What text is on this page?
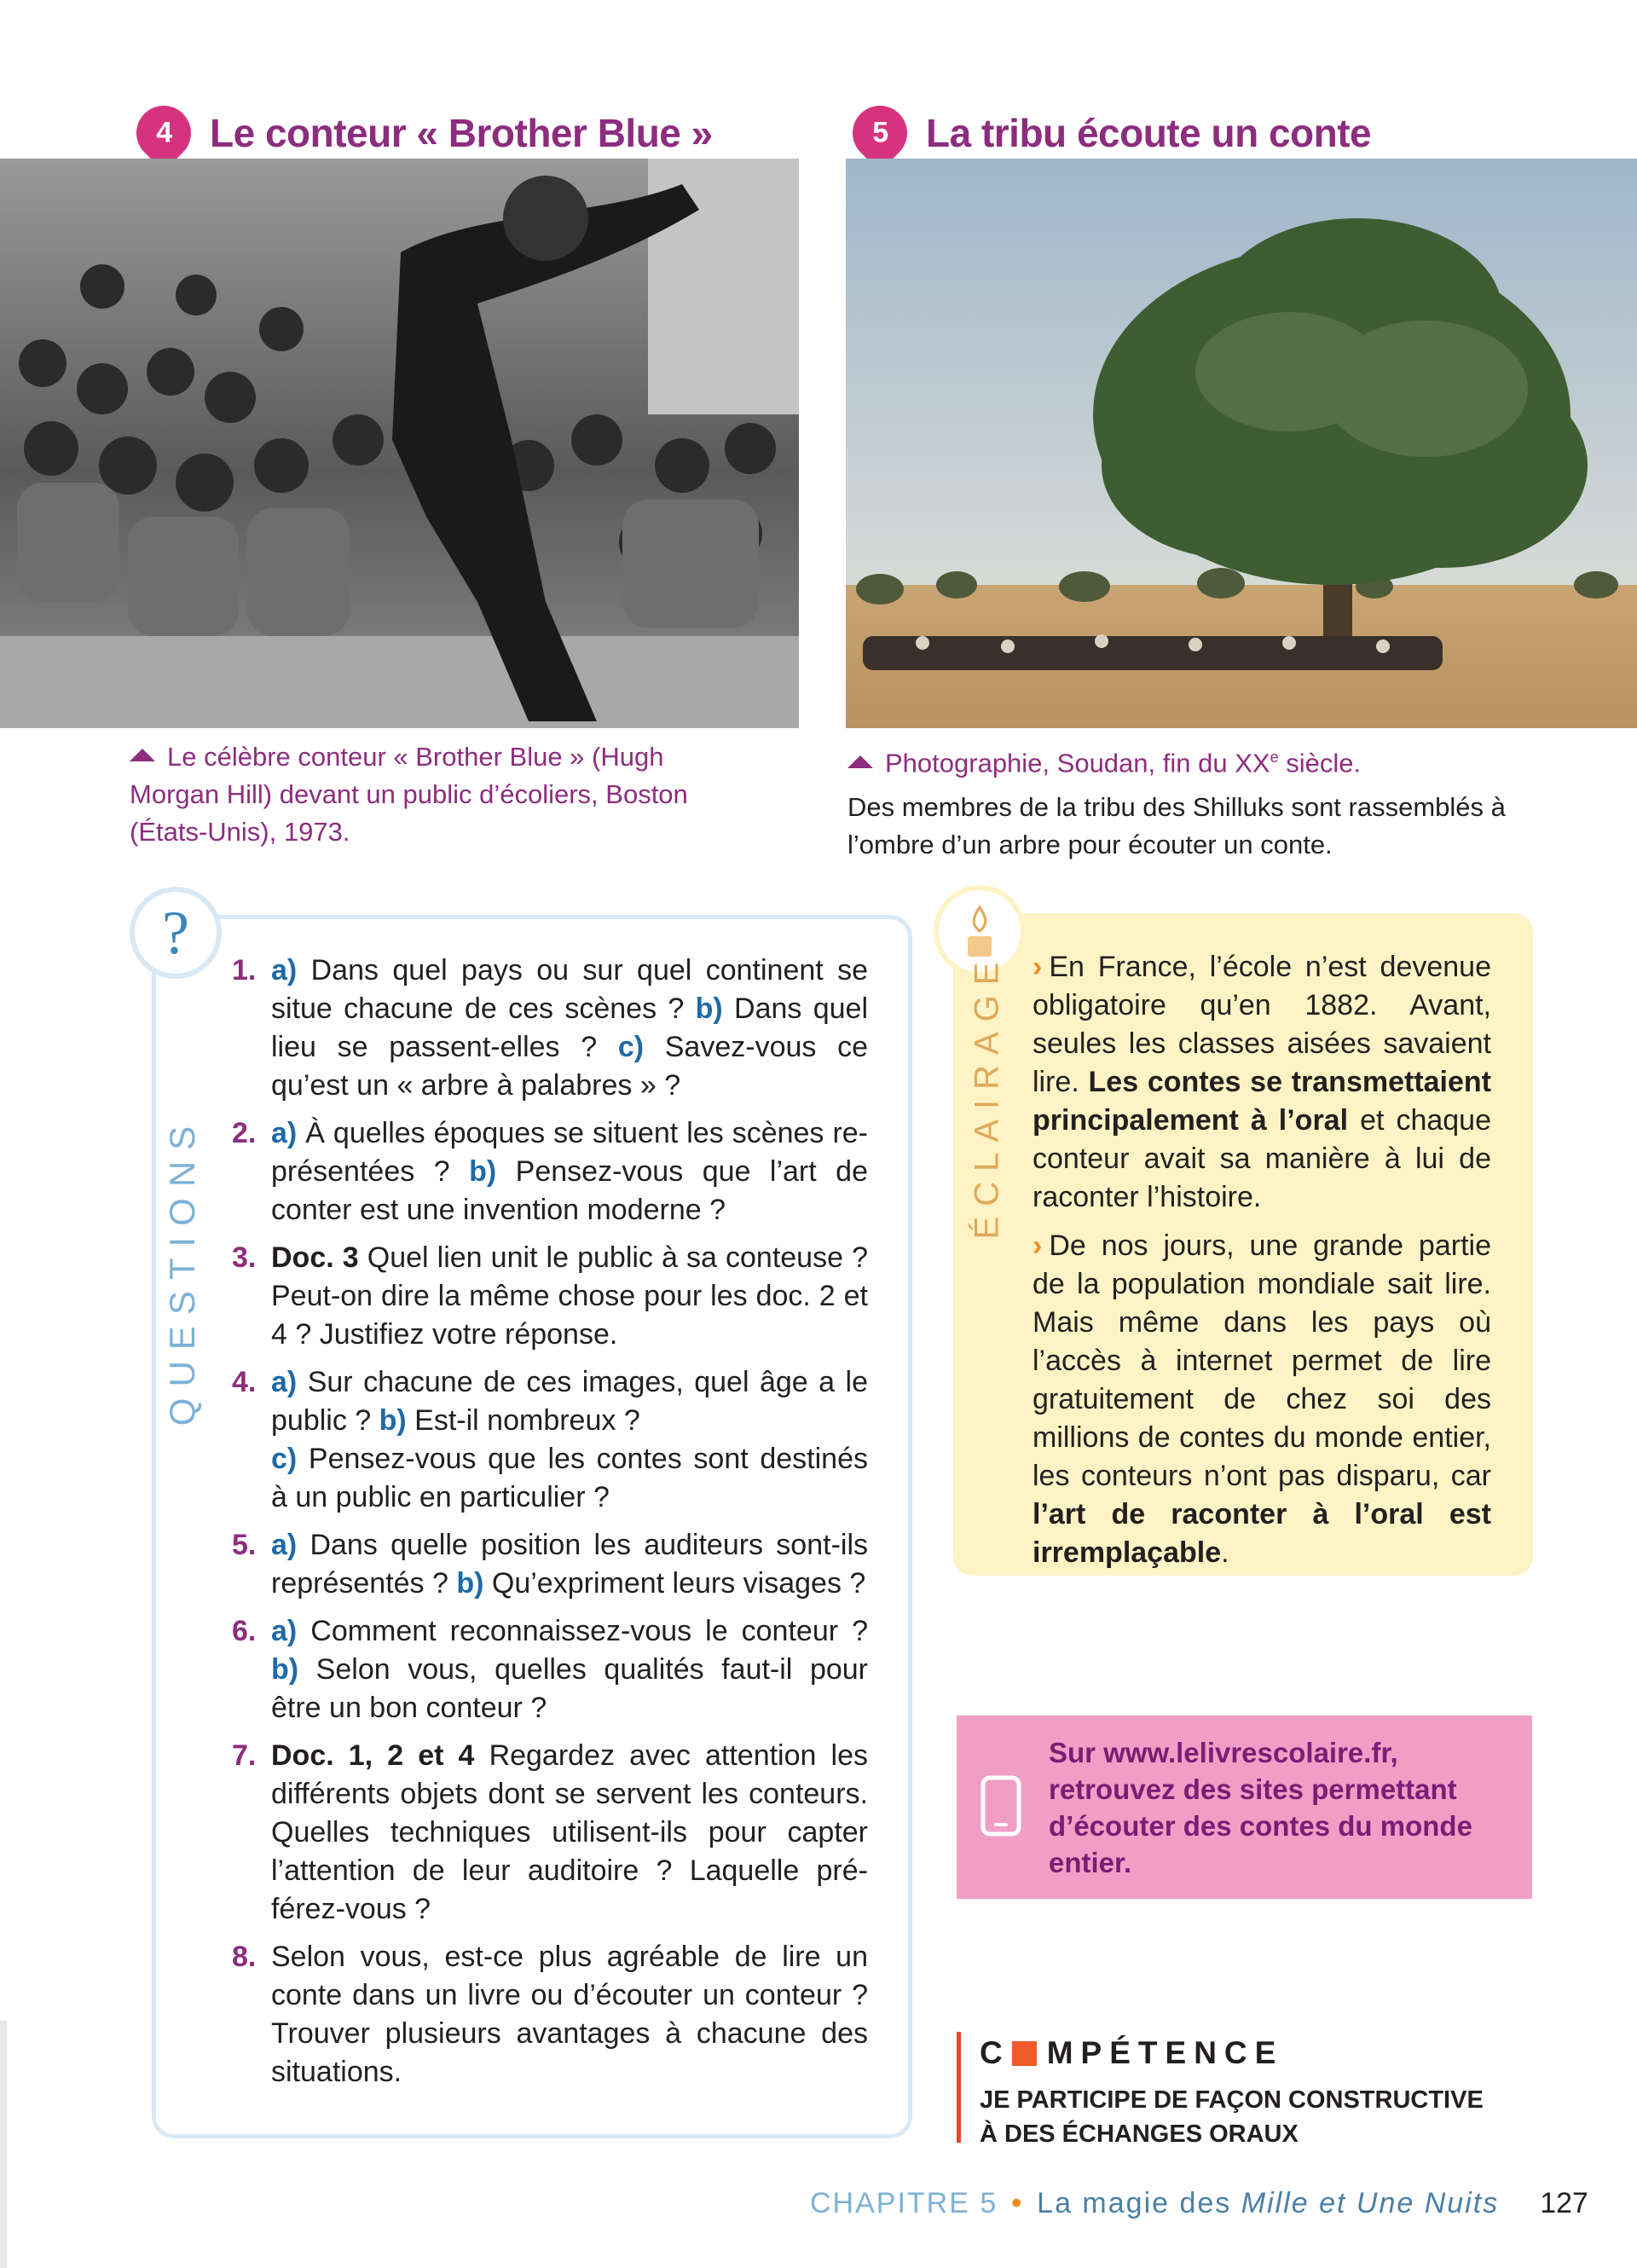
4 Le conteur « Brother Blue »
Le célèbre conteur « Brother Blue » (Hugh Morgan Hill) devant un public d’écoliers, Boston (États-Unis), 1973.
5 La tribu écoute un conte
Photographie, Soudan, fin du XXe siècle.
Des membres de la tribu des Shilluks sont rassemblés à l’ombre d’un arbre pour écouter un conte.
?
QUESTIONS
1. a) Dans quel pays ou sur quel continent se situe chacune de ces scènes ? b) Dans quel lieu se passent-elles ? c) Savez-vous ce qu’est un « arbre à palabres » ?
2. a) À quelles époques se situent les scènes représentées ? b) Pensez-vous que l’art de conter est une invention moderne ?
3. Doc. 3 Quel lien unit le public à sa conteuse ? Peut-on dire la même chose pour les doc. 2 et 4 ? Justifiez votre réponse.
4. a) Sur chacune de ces images, quel âge a le public ? b) Est-il nombreux ?
c) Pensez-vous que les contes sont destinés à un public en particulier ?
5. a) Dans quelle position les auditeurs sont-ils représentés ? b) Qu’expriment leurs visages ?
6. a) Comment reconnaissez-vous le conteur ? b) Selon vous, quelles qualités faut-il pour être un bon conteur ?
7. Doc. 1, 2 et 4 Regardez avec attention les différents objets dont se servent les conteurs. Quelles techniques utilisent-ils pour capter l’attention de leur auditoire ? Laquelle préférez-vous ?
8. Selon vous, est-ce plus agréable de lire un conte dans un livre ou d’écouter un conteur ? Trouver plusieurs avantages à chacune des situations.
ÉCLAIRAGE › En France, l’école n’est devenue obligatoire qu’en 1882. Avant, seules les classes aisées savaient lire. Les contes se transmettaient principalement à l’oral et chaque conteur avait sa manière à lui de raconter l’histoire.

› De nos jours, une grande partie de la population mondiale sait lire. Mais même dans les pays où l’accès à internet permet de lire gratuitement de chez soi des millions de contes du monde entier, les conteurs n’ont pas disparu, car l’art de raconter à l’oral est irremplaçable.

Sur www.lelivrescolaire.fr, retrouvez des sites permettant d’écouter des contes du monde entier.
C MPÉTENCE
JE PARTICIPE DE FAÇON CONSTRUCTIVE
À DES ÉCHANGES ORAUX
CHAPITRE 5 • La magie des Mille et Une Nuits 127
